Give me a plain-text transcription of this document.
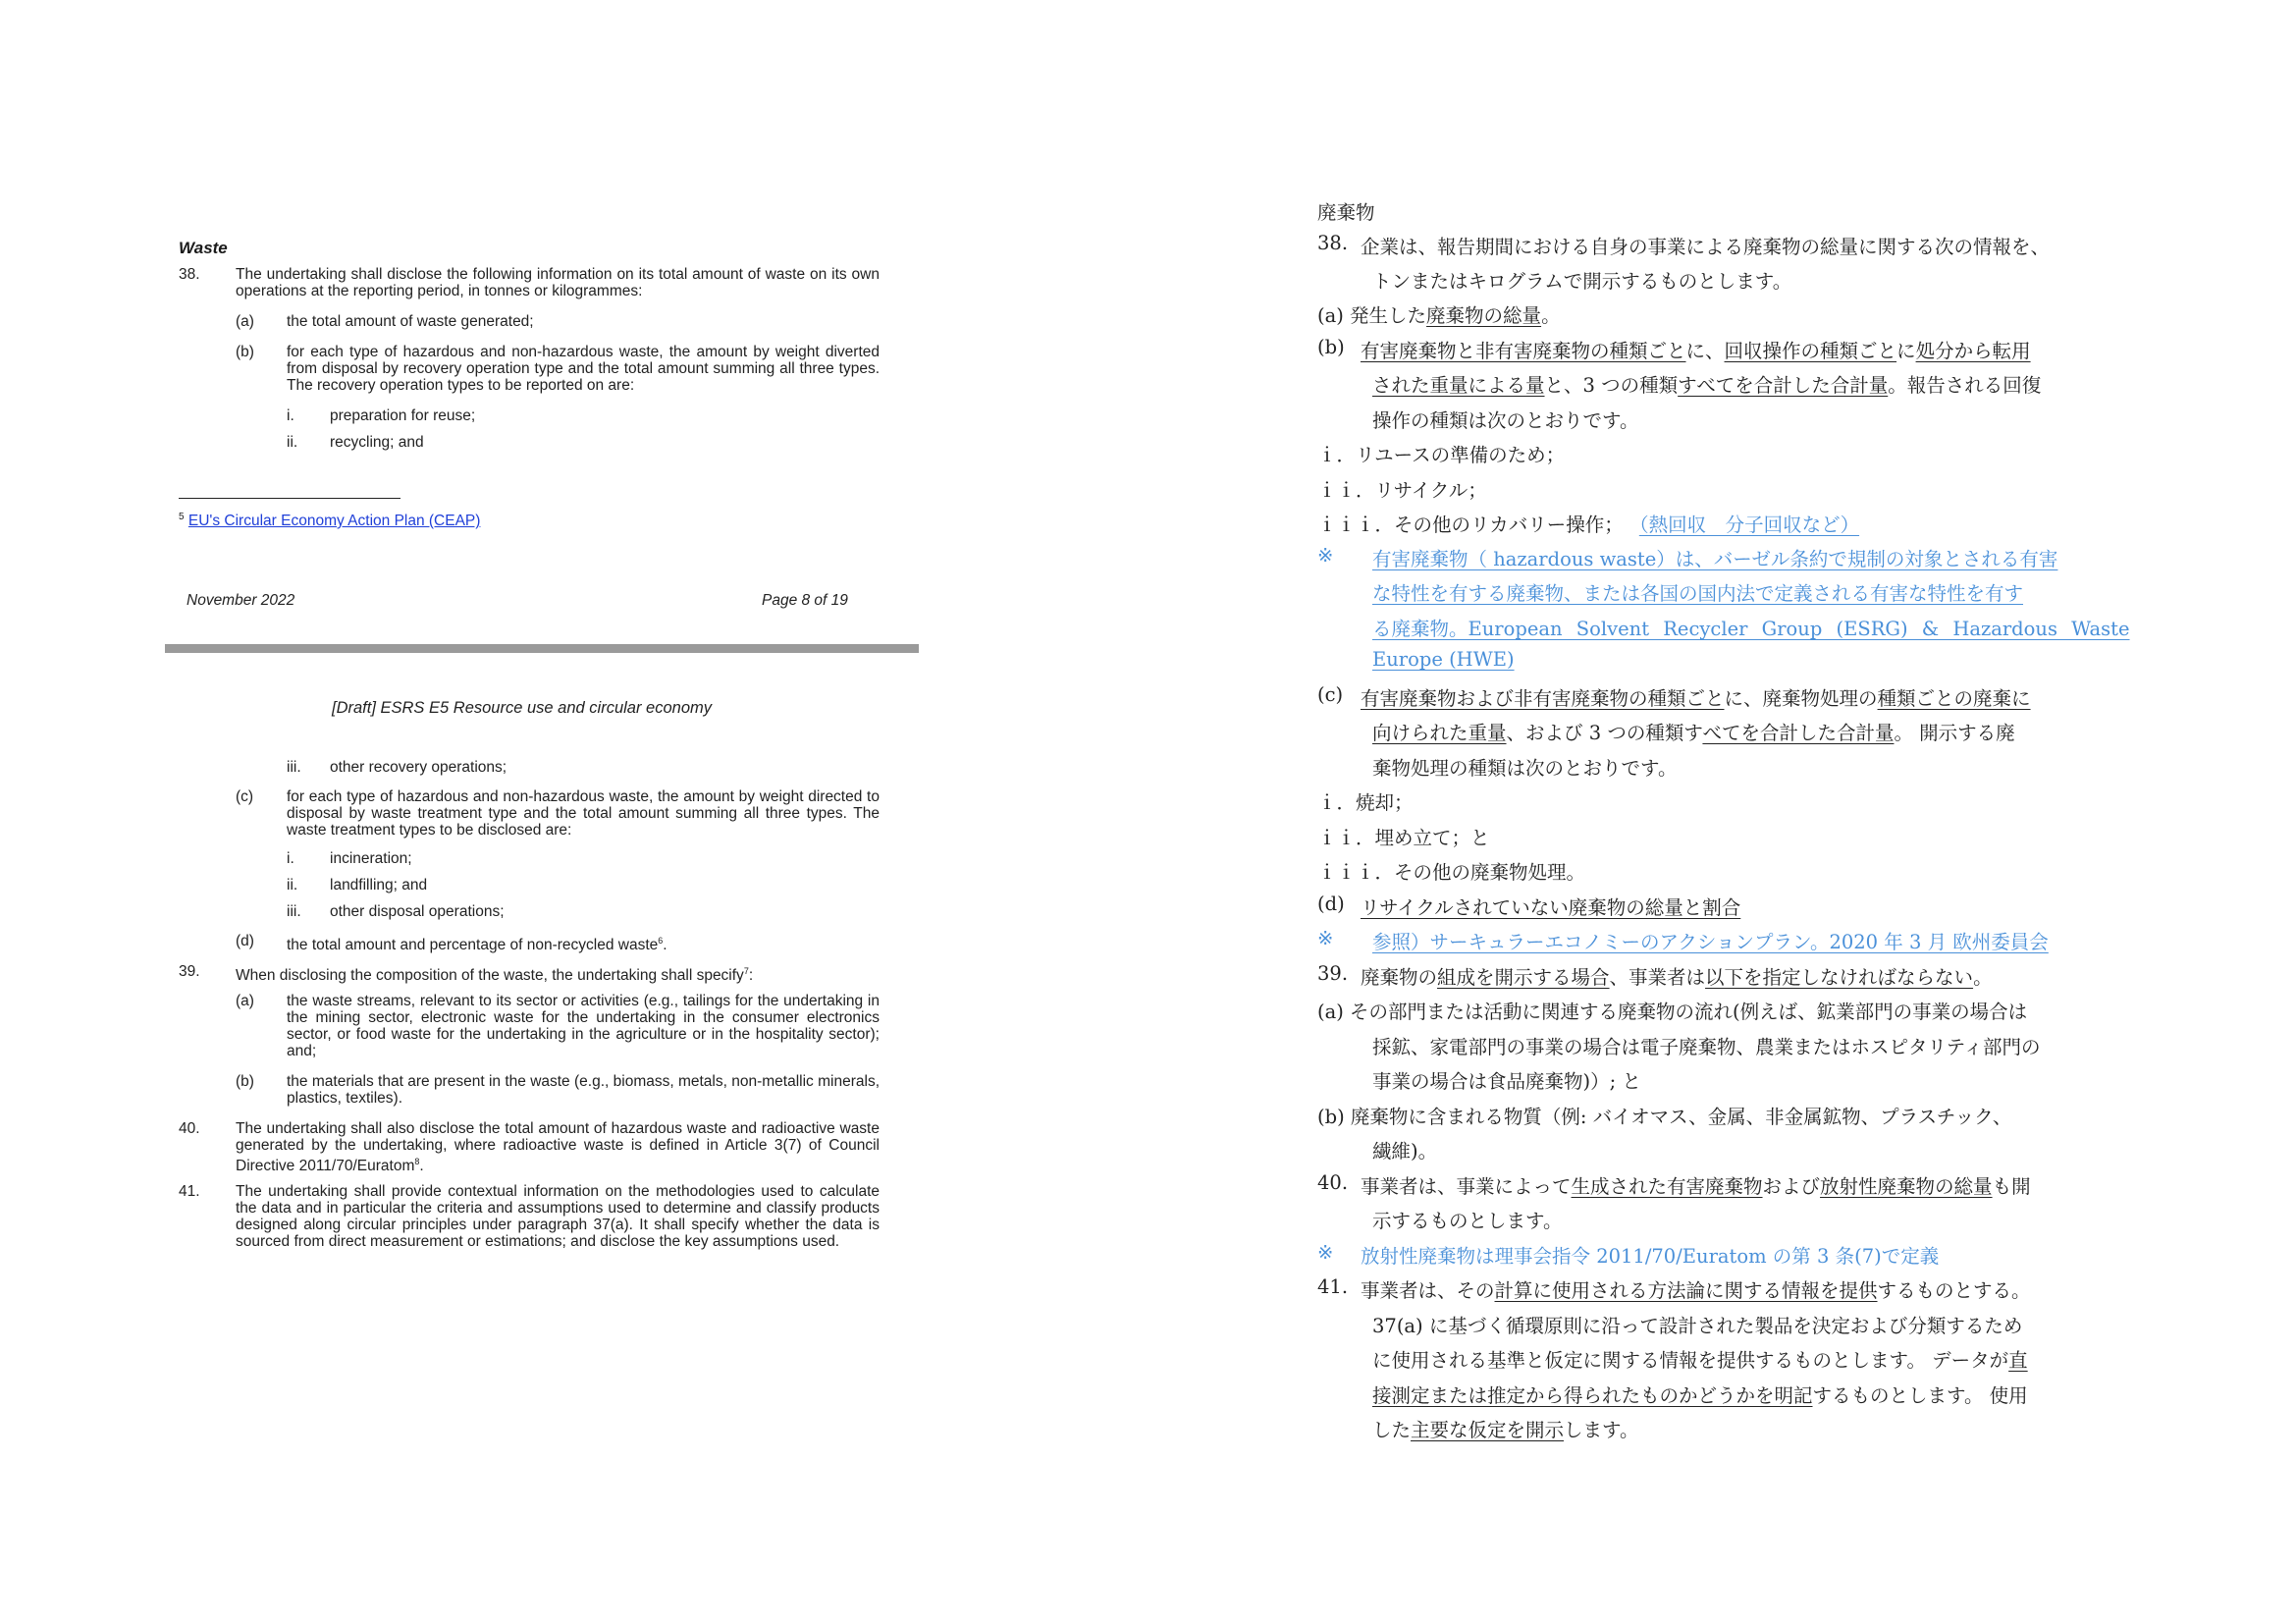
Waste
38. The undertaking shall disclose the following information on its total amount of waste on its own operations at the reporting period, in tonnes or kilogrammes:
(a) the total amount of waste generated;
(b) for each type of hazardous and non-hazardous waste, the amount by weight diverted from disposal by recovery operation type and the total amount summing all three types. The recovery operation types to be reported on are:
i. preparation for reuse;
ii. recycling; and
$^5$ EU's Circular Economy Action Plan (CEAP)
November 2022	Page 8 of 19
[Draft] ESRS E5 Resource use and circular economy
iii. other recovery operations;
(c) for each type of hazardous and non-hazardous waste, the amount by weight directed to disposal by waste treatment type and the total amount summing all three types. The waste treatment types to be disclosed are:
i. incineration;
ii. landfilling; and
iii. other disposal operations;
(d) the total amount and percentage of non-recycled waste$^6$.
39. When disclosing the composition of the waste, the undertaking shall specify$^7$:
(a) the waste streams, relevant to its sector or activities (e.g., tailings for the undertaking in the mining sector, electronic waste for the undertaking in the consumer electronics sector, or food waste for the undertaking in the agriculture or in the hospitality sector); and;
(b) the materials that are present in the waste (e.g., biomass, metals, non-metallic minerals, plastics, textiles).
40. The undertaking shall also disclose the total amount of hazardous waste and radioactive waste generated by the undertaking, where radioactive waste is defined in Article 3(7) of Council Directive 2011/70/Euratom$^8$.
41. The undertaking shall provide contextual information on the methodologies used to calculate the data and in particular the criteria and assumptions used to determine and classify products designed along circular principles under paragraph 37(a). It shall specify whether the data is sourced from direct measurement or estimations; and disclose the key assumptions used.
廃棄物
38. 企業は、報告期間における自身の事業による廃棄物の総量に関する次の情報を、
トンまたはキログラムで開示するものとします。
(a) 発生した廃棄物の総量。
(b) 有害廃棄物と非有害廃棄物の種類ごとに、回収操作の種類ごとに処分から転用
された重量による量と、3 つの種類すべてを合計した合計量。報告される回復
操作の種類は次のとおりです。
ｉ．リユースの準備のため；
ｉｉ．リサイクル；
ｉｉｉ．その他のリカバリー操作； （熱回収　分子回収など）
※ 有害廃棄物（ hazardous waste）は、バーゼル条約で規制の対象とされる有害
な特性を有する廃棄物、または各国の国内法で定義される有害な特性を有す
る廃棄物。European Solvent Recycler Group (ESRG) & Hazardous Waste
Europe (HWE)
(c) 有害廃棄物および非有害廃棄物の種類ごとに、廃棄物処理の種類ごとの廃棄に
向けられた重量、および 3 つの種類すべてを合計した合計量。 開示する廃
棄物処理の種類は次のとおりです。
ｉ．焼却；
ｉｉ．埋め立て；と
ｉｉｉ．その他の廃棄物処理。
(d) リサイクルされていない廃棄物の総量と割合
※ 参照）サーキュラーエコノミーのアクションプラン。2020 年 3 月 欧州委員会
39. 廃棄物の組成を開示する場合、事業者は以下を指定しなければならない。
(a) その部門または活動に関連する廃棄物の流れ(例えば、鉱業部門の事業の場合は
採鉱、家電部門の事業の場合は電子廃棄物、農業またはホスピタリティ部門の
事業の場合は食品廃棄物)）; と
(b) 廃棄物に含まれる物質（例: バイオマス、金属、非金属鉱物、プラスチック、
繊維)。
40. 事業者は、事業によって生成された有害廃棄物および放射性廃棄物の総量も開
示するものとします。
※ 放射性廃棄物は理事会指令 2011/70/Euratom の第 3 条(7)で定義
41. 事業者は、その計算に使用される方法論に関する情報を提供するものとする。
37(a) に基づく循環原則に沿って設計された製品を決定および分類するため
に使用される基準と仮定に関する情報を提供するものとします。 データが直
接測定または推定から得られたものかどうかを明記するものとします。 使用
した主要な仮定を開示します。
